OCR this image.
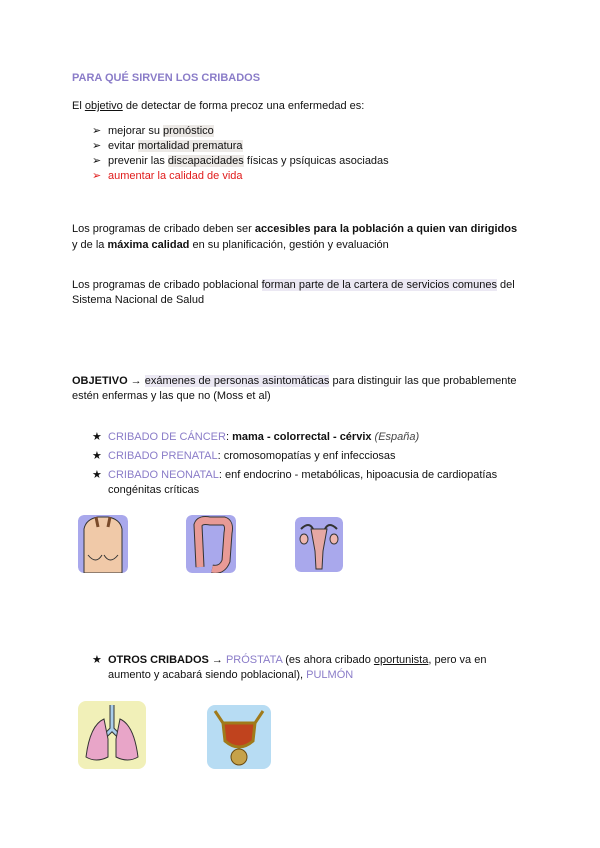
PARA QUÉ SIRVEN LOS CRIBADOS
El objetivo de detectar de forma precoz una enfermedad es:
➢ mejorar su pronóstico
➢ evitar mortalidad prematura
➢ prevenir las discapacidades físicas y psíquicas asociadas
➢ aumentar la calidad de vida
Los programas de cribado deben ser accesibles para la población a quien van dirigidos
y de la máxima calidad en su planificación, gestión y evaluación
Los programas de cribado poblacional forman parte de la cartera de servicios comunes del
Sistema Nacional de Salud
OBJETIVO → exámenes de personas asintomáticas para distinguir las que probablemente
estén enfermas y las que no (Moss et al)
★ CRIBADO DE CÁNCER: mama - colorrectal - cérvix (España)
★ CRIBADO PRENATAL: cromosomopatías y enf infecciosas
★ CRIBADO NEONATAL: enf endocrino - metabólicas, hipoacusia de cardiopatías
congénitas críticas
★ OTROS CRIBADOS → PRÓSTATA (es ahora cribado oportunista, pero va en
aumento y acabará siendo poblacional), PULMÓN
